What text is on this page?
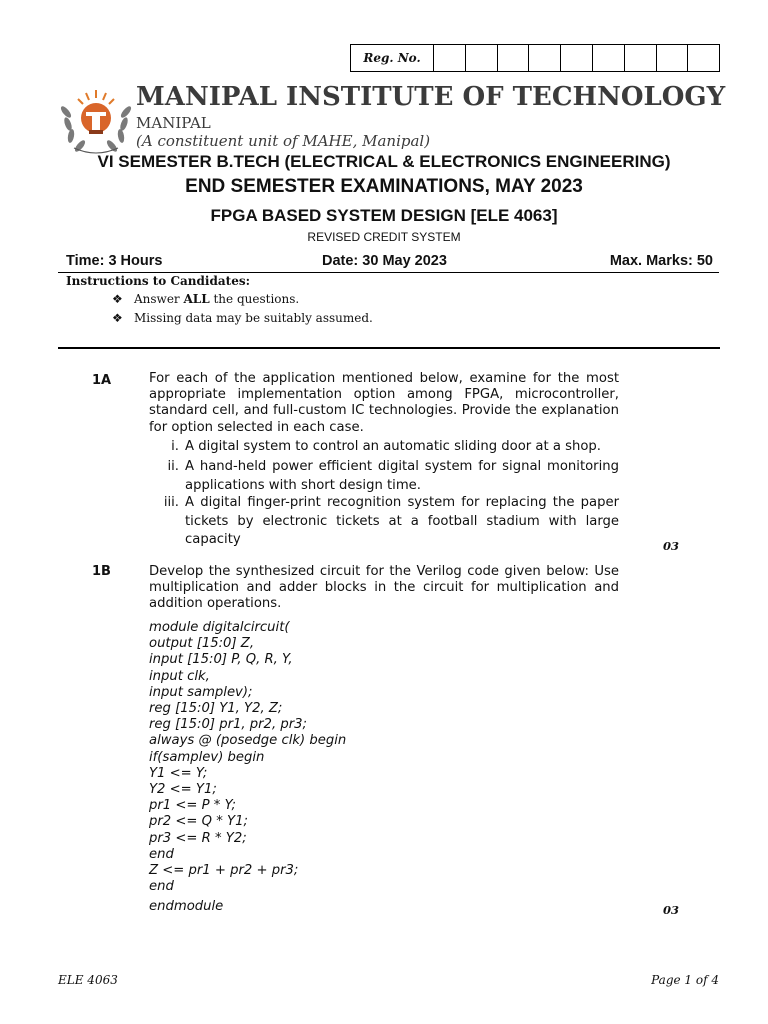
Reg. No.
MANIPAL INSTITUTE OF TECHNOLOGY
MANIPAL
(A constituent unit of MAHE, Manipal)
VI SEMESTER B.TECH (ELECTRICAL & ELECTRONICS ENGINEERING)
END SEMESTER EXAMINATIONS, MAY 2023
FPGA BASED SYSTEM DESIGN [ELE 4063]
REVISED CREDIT SYSTEM
Time: 3 Hours	Date: 30 May 2023	Max. Marks: 50
Instructions to Candidates:
❖ Answer ALL the questions.
❖ Missing data may be suitably assumed.
1A	For each of the application mentioned below, examine for the most appropriate implementation option among FPGA, microcontroller, standard cell, and full-custom IC technologies. Provide the explanation for option selected in each case.
i. A digital system to control an automatic sliding door at a shop.
ii. A hand-held power efficient digital system for signal monitoring applications with short design time.
iii. A digital finger-print recognition system for replacing the paper tickets by electronic tickets at a football stadium with large capacity	03
1B	Develop the synthesized circuit for the Verilog code given below: Use multiplication and adder blocks in the circuit for multiplication and addition operations.
module digitalcircuit(
output [15:0] Z,
input [15:0] P, Q, R, Y,
input clk,
input samplev);
reg [15:0] Y1, Y2, Z;
reg [15:0] pr1, pr2, pr3;
always @ (posedge clk) begin
if(samplev) begin
Y1 <= Y;
Y2 <= Y1;
pr1 <= P * Y;
pr2 <= Q * Y1;
pr3 <= R * Y2;
end
Z <= pr1 + pr2 + pr3;
end
endmodule	03
ELE 4063	Page 1 of 4
